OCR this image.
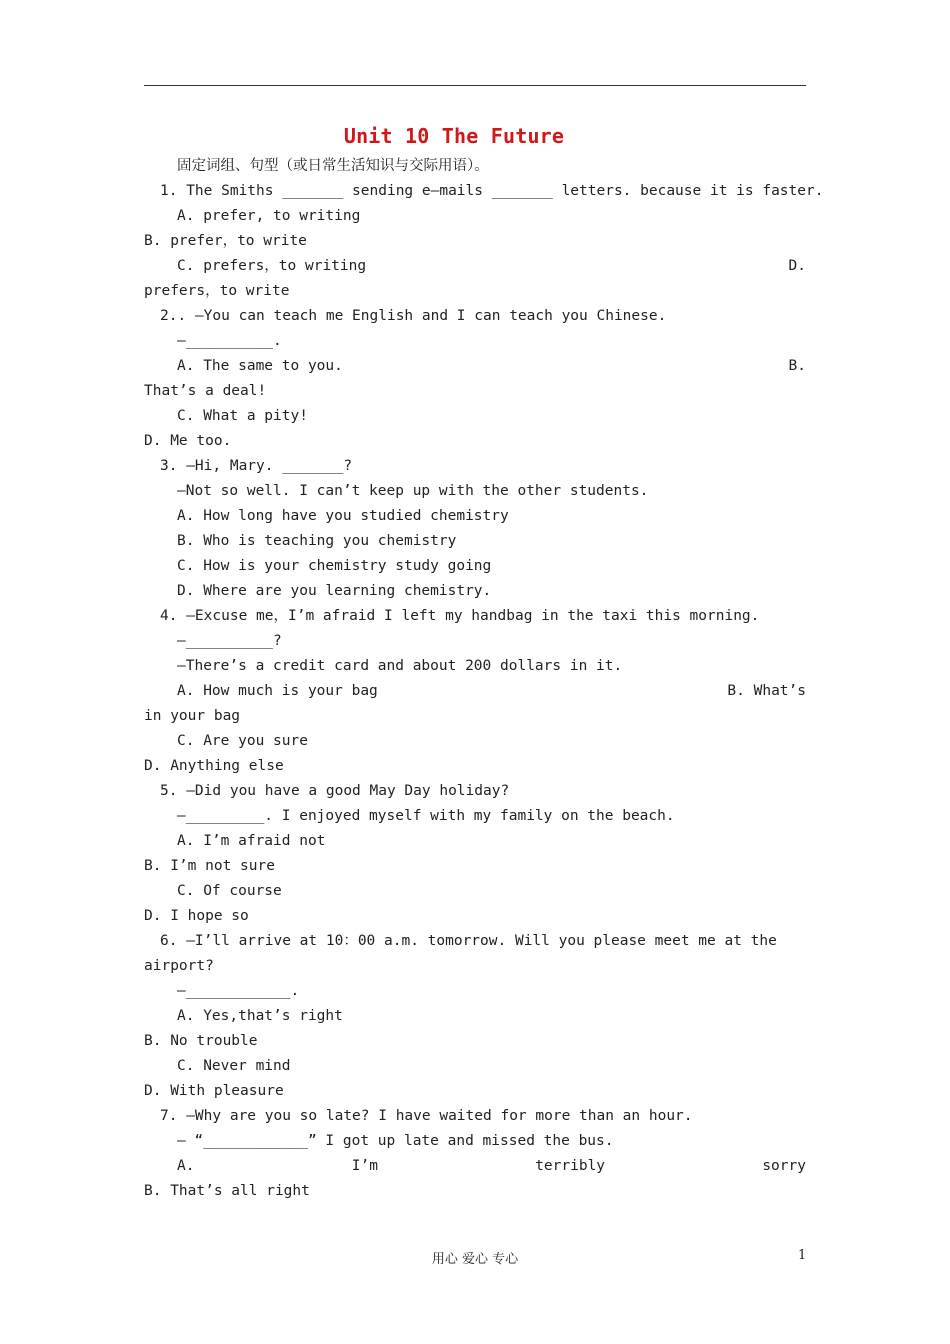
Unit 10 The Future
固定词组、句型（或日常生活知识与交际用语）。
1. The Smiths _______ sending e—mails _______ letters. because it is faster.
A. prefer, to writing
B. prefer，to write
C. prefers，to writing	D.
prefers，to write
2.. —You can teach me English and I can teach you Chinese.
—__________.
A. The same to you.	B.
That’s a deal!
C. What a pity!
D. Me too.
3. —Hi, Mary. _______?
—Not so well. I can’t keep up with the other students.
A. How long have you studied chemistry
B. Who is teaching you chemistry
C. How is your chemistry study going
D. Where are you learning chemistry.
4. —Excuse me，I’m afraid I left my handbag in the taxi this morning.
—__________?
—There’s a credit card and about 200 dollars in it.
A. How much is your bag	B. What’s
in your bag
C. Are you sure
D. Anything else
5. —Did you have a good May Day holiday?
—_________. I enjoyed myself with my family on the beach.
A. I’m afraid not
B. I’m not sure
C. Of course
D. I hope so
6. —I’ll arrive at 10：00 a.m. tomorrow. Will you please meet me at the
airport?
—____________.
A. Yes,that’s right
B. No trouble
C. Never mind
D. With pleasure
7. —Why are you so late? I have waited for more than an hour.
— “____________” I got up late and missed the bus.
A.	I’m	terribly	sorry
B. That’s all right
用心 爱心 专心	1
